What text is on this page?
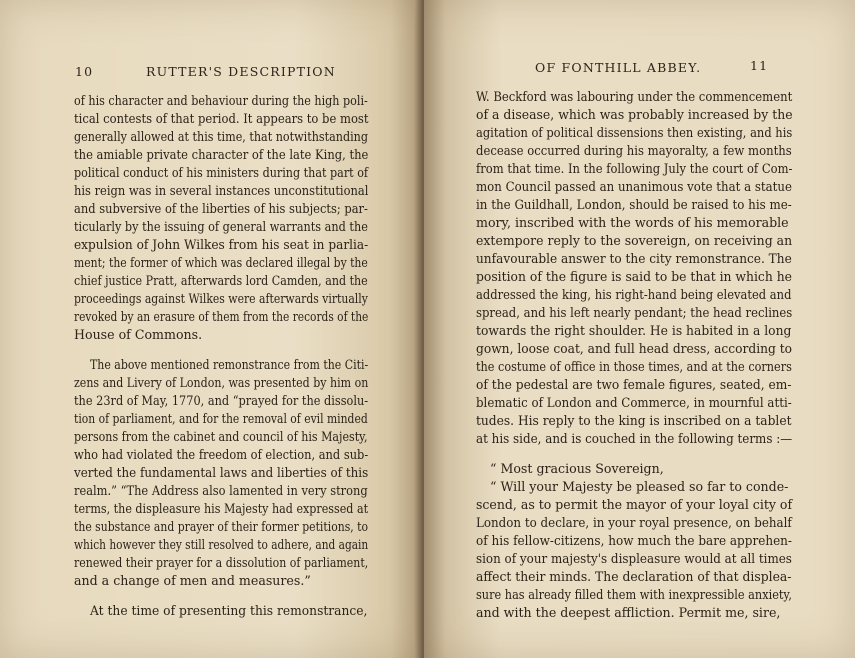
10	RUTTER'S DESCRIPTION
of his character and behaviour during the high poli-
tical contests of that period. It appears to be most
generally allowed at this time, that notwithstanding
the amiable private character of the late King, the
political conduct of his ministers during that part of
his reign was in several instances unconstitutional
and subversive of the liberties of his subjects; par-
ticularly by the issuing of general warrants and the
expulsion of John Wilkes from his seat in parlia-
ment; the former of which was declared illegal by the
chief justice Pratt, afterwards lord Camden, and the
proceedings against Wilkes were afterwards virtually
revoked by an erasure of them from the records of the
House of Commons.
The above mentioned remonstrance from the Citi-
zens and Livery of London, was presented by him on
the 23rd of May, 1770, and “prayed for the dissolu-
tion of parliament, and for the removal of evil minded
persons from the cabinet and council of his Majesty,
who had violated the freedom of election, and sub-
verted the fundamental laws and liberties of this
realm.” “The Address also lamented in very strong
terms, the displeasure his Majesty had expressed at
the substance and prayer of their former petitions, to
which however they still resolved to adhere, and again
renewed their prayer for a dissolution of parliament,
and a change of men and measures.”
At the time of presenting this remonstrance,
OF FONTHILL ABBEY.	11
W. Beckford was labouring under the commencement
of a disease, which was probably increased by the
agitation of political dissensions then existing, and his
decease occurred during his mayoralty, a few months
from that time. In the following July the court of Com-
mon Council passed an unanimous vote that a statue
in the Guildhall, London, should be raised to his me-
mory, inscribed with the words of his memorable
extempore reply to the sovereign, on receiving an
unfavourable answer to the city remonstrance. The
position of the figure is said to be that in which he
addressed the king, his right-hand being elevated and
spread, and his left nearly pendant; the head reclines
towards the right shoulder. He is habited in a long
gown, loose coat, and full head dress, according to
the costume of office in those times, and at the corners
of the pedestal are two female figures, seated, em-
blematic of London and Commerce, in mournful atti-
tudes. His reply to the king is inscribed on a tablet
at his side, and is couched in the following terms :—
“ Most gracious Sovereign,
“ Will your Majesty be pleased so far to conde-
scend, as to permit the mayor of your loyal city of
London to declare, in your royal presence, on behalf
of his fellow-citizens, how much the bare apprehen-
sion of your majesty's displeasure would at all times
affect their minds. The declaration of that displea-
sure has already filled them with inexpressible anxiety,
and with the deepest affliction. Permit me, sire,
